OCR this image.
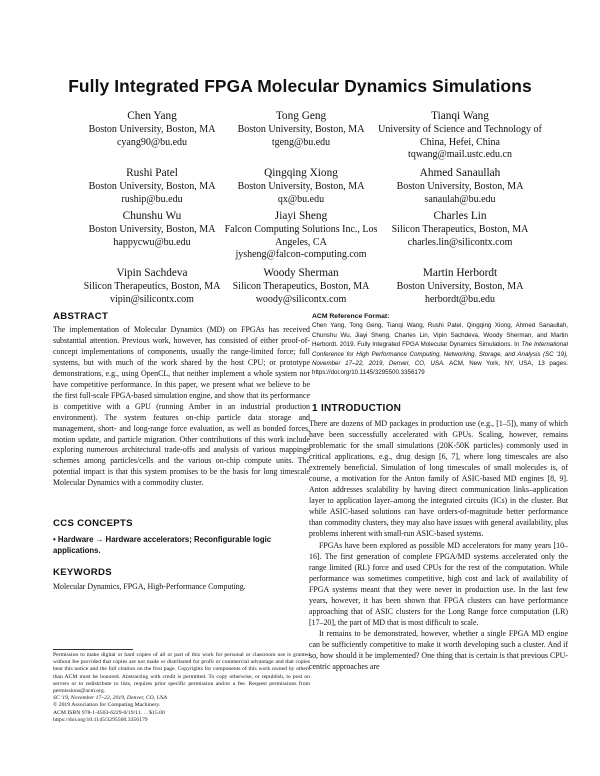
Fully Integrated FPGA Molecular Dynamics Simulations
Chen Yang
Boston University, Boston, MA
cyang90@bu.edu
Tong Geng
Boston University, Boston, MA
tgeng@bu.edu
Tianqi Wang
University of Science and Technology of China, Hefei, China
tqwang@mail.ustc.edu.cn
Rushi Patel
Boston University, Boston, MA
ruship@bu.edu
Qingqing Xiong
Boston University, Boston, MA
qx@bu.edu
Ahmed Sanaullah
Boston University, Boston, MA
sanaulah@bu.edu
Chunshu Wu
Boston University, Boston, MA
happycwu@bu.edu
Jiayi Sheng
Falcon Computing Solutions Inc., Los Angeles, CA
jysheng@falcon-computing.com
Charles Lin
Silicon Therapeutics, Boston, MA
charles.lin@silicontx.com
Vipin Sachdeva
Silicon Therapeutics, Boston, MA
vipin@silicontx.com
Woody Sherman
Silicon Therapeutics, Boston, MA
woody@silicontx.com
Martin Herbordt
Boston University, Boston, MA
herbordt@bu.edu
ABSTRACT

The implementation of Molecular Dynamics (MD) on FPGAs has received substantial attention. Previous work, however, has consisted of either proof-of-concept implementations of components, usually the range-limited force; full systems, but with much of the work shared by the host CPU; or prototype demonstrations, e.g., using OpenCL, that neither implement a whole system nor have competitive performance. In this paper, we present what we believe to be the first full-scale FPGA-based simulation engine, and show that its performance is competitive with a GPU (running Amber in an industrial production environment). The system features on-chip particle data storage and management, short- and long-range force evaluation, as well as bonded forces, motion update, and particle migration. Other contributions of this work include exploring numerous architectural trade-offs and analysis of various mappings schemes among particles/cells and the various on-chip compute units. The potential impact is that this system promises to be the basis for long timescale Molecular Dynamics with a commodity cluster.

CCS CONCEPTS
• Hardware → Hardware accelerators; Reconfigurable logic applications.
KEYWORDS
Molecular Dynamics, FPGA, High-Performance Computing.

Permission to make digital or hard copies of all or part of this work for personal or classroom use is granted without fee provided that copies are not made or distributed for profit or commercial advantage and that copies bear this notice and the full citation on the first page. Copyrights for components of this work owned by others than ACM must be honored. Abstracting with credit is permitted. To copy otherwise, or republish, to post on servers or to redistribute to lists, requires prior specific permission and/or a fee. Request permissions from permissions@acm.org.

SC '19, November 17–22, 2019, Denver, CO, USA

© 2019 Association for Computing Machinery.

ACM ISBN 978-1-4503-6229-0/19/11. . . $15.00

https://doi.org/10.1145/3295500.3356179

ACM Reference Format:
Chen Yang, Tong Geng, Tianqi Wang, Rushi Patel, Qingqing Xiong, Ahmed Sanaullah, Chunshu Wu, Jiayi Sheng, Charles Lin, Vipin Sachdeva, Woody Sherman, and Martin Herbordt. 2019. Fully Integrated FPGA Molecular Dynamics Simulations. In The International Conference for High Performance Computing, Networking, Storage, and Analysis (SC '19), November 17–22, 2019, Denver, CO, USA. ACM, New York, NY, USA, 13 pages. https://doi.org/10.1145/3295500.3356179
1 INTRODUCTION

There are dozens of MD packages in production use (e.g., [1–5]), many of which have been successfully accelerated with GPUs. Scaling, however, remains problematic for the small simulations (20K-50K particles) commonly used in critical applications, e.g., drug design [6, 7], where long timescales are also extremely beneficial. Simulation of long timescales of small molecules is, of course, a motivation for the Anton family of ASIC-based MD engines [8, 9]. Anton addresses scalability by having direct communication links–application layer to application layer–among the integrated circuits (ICs) in the cluster. But while ASIC-based solutions can have orders-of-magnitude better performance than commodity clusters, they may also have issues with general availability, plus problems inherent with small-run ASIC-based systems.

FPGAs have been explored as possible MD accelerators for many years [10–16]. The first generation of complete FPGA/MD systems accelerated only the range limited (RL) force and used CPUs for the rest of the computation. While performance was sometimes competitive, high cost and lack of availability of FPGA systems meant that they were never in production use. In the last few years, however, it has been shown that FPGA clusters can have performance approaching that of ASIC clusters for the Long Range force computation (LR) [17–20], the part of MD that is most difficult to scale.

It remains to be demonstrated, however, whether a single FPGA MD engine can be sufficiently competitive to make it worth developing such a cluster. And if so, how should it be implemented? One thing that is certain is that previous CPU-centric approaches are
